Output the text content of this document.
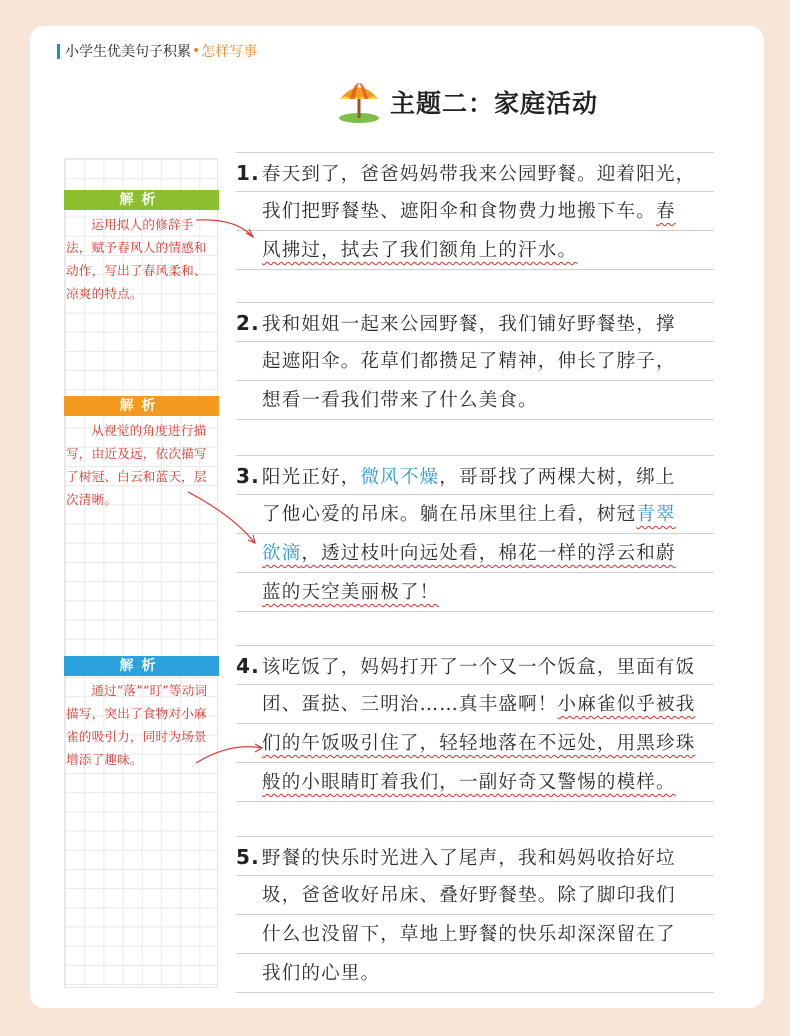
小学生优美句子积累 • 怎样写事
主题二：家庭活动
解析
运用拟人的修辞手法，赋予春风人的情感和动作，写出了春风柔和、凉爽的特点。
解析
从视觉的角度进行描写，由近及远，依次描写了树冠、白云和蓝天，层次清晰。
解析
通过“落”“盯”等动词描写，突出了食物对小麻雀的吸引力，同时为场景增添了趣味。
1. 春天到了，爸爸妈妈带我来公园野餐。迎着阳光，
我们把野餐垫、遮阳伞和食物费力地搬下车。春
风拂过，拭去了我们额角上的汗水。
2. 我和姐姐一起来公园野餐，我们铺好野餐垫，撑
起遮阳伞。花草们都攒足了精神，伸长了脖子，
想看一看我们带来了什么美食。
3. 阳光正好，微风不燥，哥哥找了两棵大树，绑上
了他心爱的吊床。躺在吊床里往上看，树冠青翠
欲滴，透过枝叶向远处看，棉花一样的浮云和蔚
蓝的天空美丽极了！
4. 该吃饭了，妈妈打开了一个又一个饭盒，里面有饭
团、蛋挞、三明治……真丰盛啊！小麻雀似乎被我
们的午饭吸引住了，轻轻地落在不远处，用黑珍珠
般的小眼睛盯着我们，一副好奇又警惕的模样。
5. 野餐的快乐时光进入了尾声，我和妈妈收拾好垃
圾，爸爸收好吊床、叠好野餐垫。除了脚印我们
什么也没留下，草地上野餐的快乐却深深留在了
我们的心里。
